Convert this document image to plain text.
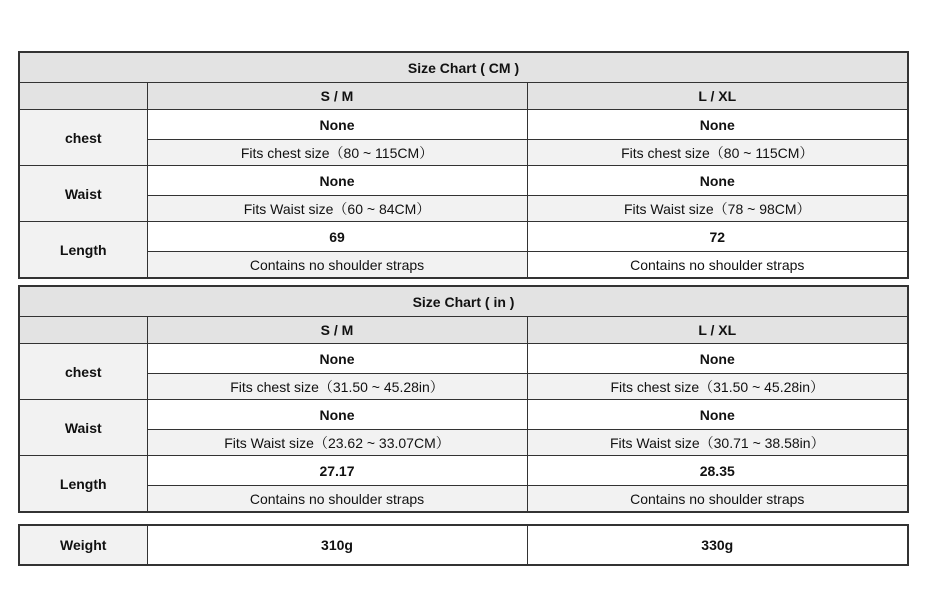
Size Chart ( CM )		
	S / M	L / XL
chest	None	None
	Fits chest size（80 ~ 115CM）	Fits chest size（80 ~ 115CM）
Waist	None	None
	Fits Waist size（60 ~ 84CM）	Fits Waist size（78 ~ 98CM）
Length	69	72
	Contains no shoulder straps	Contains no shoulder straps
Size Chart ( in )		
	S / M	L / XL
chest	None	None
	Fits chest size（31.50 ~ 45.28in）	Fits chest size（31.50 ~ 45.28in）
Waist	None	None
	Fits Waist size（23.62 ~ 33.07CM）	Fits Waist size（30.71 ~ 38.58in）
Length	27.17	28.35
	Contains no shoulder straps	Contains no shoulder straps
Weight	310g	330g
